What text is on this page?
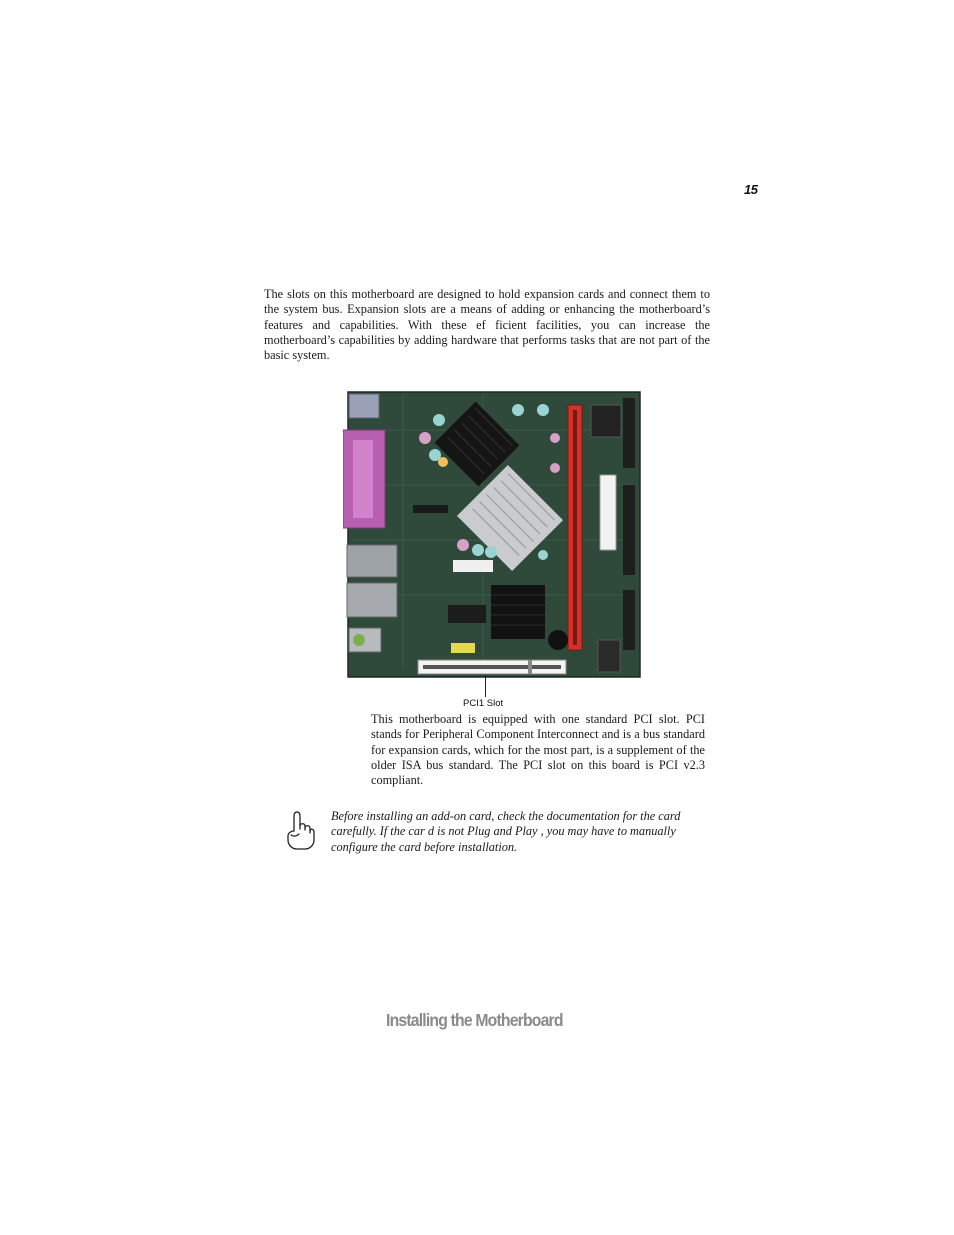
15

The slots on this motherboard are designed to hold expansion cards and connect them to the system bus. Expansion slots are a means of adding or enhancing the motherboard’s features and capabilities. With these ef ficient facilities, you can increase the motherboard’s capabilities by adding hardware that performs tasks that are not part of the basic system.

PCI1 Slot

This motherboard is equipped with one standard PCI slot. PCI stands for Peripheral Component Interconnect and is a bus standard for expansion cards, which for the most part, is a supplement of the older ISA bus standard. The PCI slot on this board is PCI v2.3 compliant.

Before installing an add-on card, check the documentation for the card carefully. If the car d is not Plug and Play , you may have to manually configure the card before installation.

Installing the Motherboard
